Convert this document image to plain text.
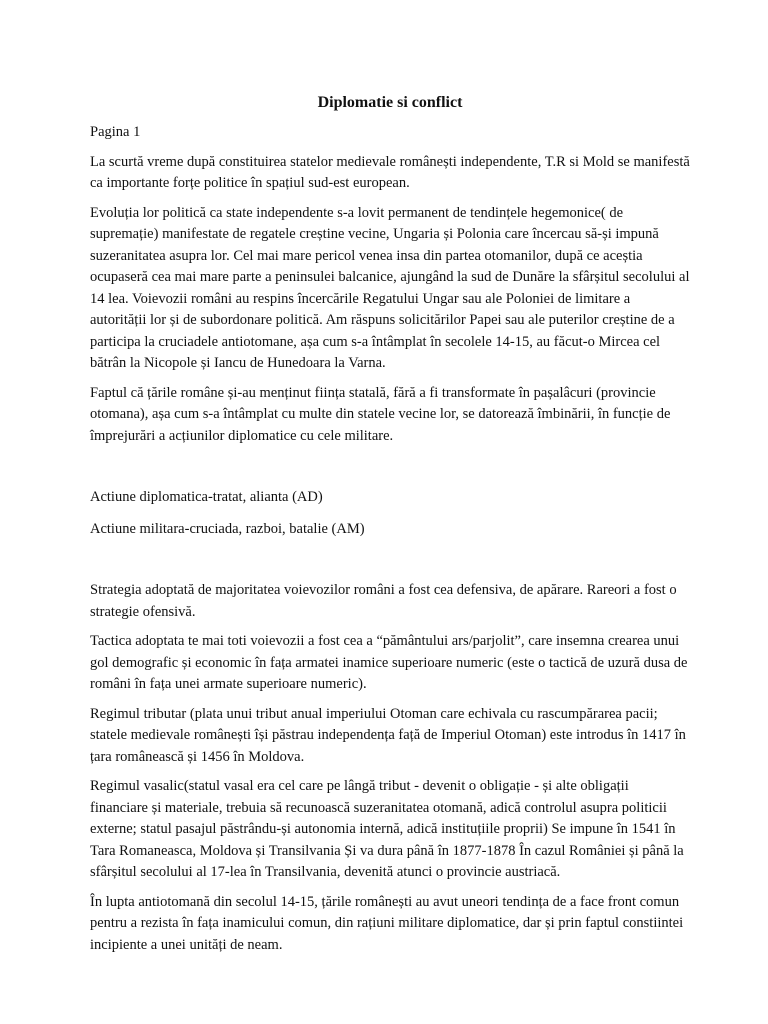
Diplomatie si conflict

Pagina 1

La scurtă vreme după constituirea statelor medievale românești independente, T.R si Mold se manifestă ca importante forțe politice în spațiul sud-est european.

Evoluția lor politică ca state independente s-a lovit permanent de tendințele hegemonice( de supremație) manifestate de regatele creștine vecine, Ungaria și Polonia care încercau să-și impună suzeranitatea asupra lor. Cel mai mare pericol venea insa din partea otomanilor, după ce aceștia ocupaseră cea mai mare parte a peninsulei balcanice, ajungând la sud de Dunăre la sfârșitul secolului al 14 lea. Voievozii români au respins încercările Regatului Ungar sau ale Poloniei de limitare a autorității lor și de subordonare politică. Am răspuns solicitărilor Papei sau ale puterilor creștine de a participa la cruciadele antiotomane, așa cum s-a întâmplat în secolele 14-15, au făcut-o Mircea cel bătrân la Nicopole și Iancu de Hunedoara la Varna.

Faptul că țările române și-au menținut ființa statală, fără a fi transformate în pașalâcuri (provincie otomana), așa cum s-a întâmplat cu multe din statele vecine lor, se datorează îmbinării, în funcție de împrejurări a acțiunilor diplomatice cu cele militare.

Actiune diplomatica-tratat, alianta (AD)

Actiune militara-cruciada, razboi, batalie (AM)

Strategia adoptată de majoritatea voievozilor români a fost cea defensiva, de apărare. Rareori a fost o strategie ofensivă.

Tactica adoptata te mai toti voievozii a fost cea a “pământului ars/parjolit”, care insemna crearea unui gol demografic și economic în fața armatei inamice superioare numeric (este o tactică de uzură dusa de români în fața unei armate superioare numeric).

Regimul tributar (plata unui tribut anual imperiului Otoman care echivala cu rascumpărarea pacii; statele medievale românești își păstrau independența față de Imperiul Otoman) este introdus în 1417 în țara românească și 1456 în Moldova.

Regimul vasalic(statul vasal era cel care pe lângă tribut - devenit o obligație - și alte obligații financiare și materiale, trebuia să recunoască suzeranitatea otomană, adică controlul asupra politicii externe; statul pasajul păstrându-și autonomia internă, adică instituțiile proprii) Se impune în 1541 în Tara Romaneasca, Moldova și Transilvania Și va dura până în 1877-1878 În cazul României și până la sfârșitul secolului al 17-lea în Transilvania, devenită atunci o provincie austriacă.

În lupta antiotomană din secolul 14-15, țările românești au avut uneori tendința de a face front comun pentru a rezista în fața inamicului comun, din rațiuni militare diplomatice, dar și prin faptul constiintei incipiente a unei unități de neam.
